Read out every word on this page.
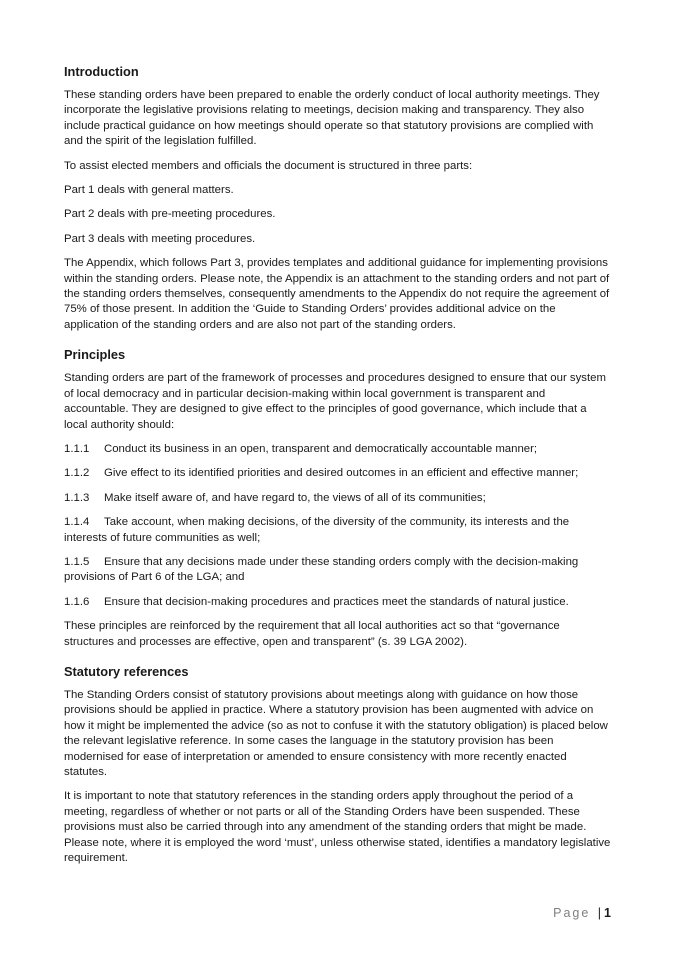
Introduction

These standing orders have been prepared to enable the orderly conduct of local authority meetings. They incorporate the legislative provisions relating to meetings, decision making and transparency. They also include practical guidance on how meetings should operate so that statutory provisions are complied with and the spirit of the legislation fulfilled.

To assist elected members and officials the document is structured in three parts:

Part 1 deals with general matters.

Part 2 deals with pre-meeting procedures.

Part 3 deals with meeting procedures.

The Appendix, which follows Part 3, provides templates and additional guidance for implementing provisions within the standing orders. Please note, the Appendix is an attachment to the standing orders and not part of the standing orders themselves, consequently amendments to the Appendix do not require the agreement of 75% of those present. In addition the ‘Guide to Standing Orders’ provides additional advice on the application of the standing orders and are also not part of the standing orders.

Principles

Standing orders are part of the framework of processes and procedures designed to ensure that our system of local democracy and in particular decision-making within local government is transparent and accountable. They are designed to give effect to the principles of good governance, which include that a local authority should:

1.1.1 Conduct its business in an open, transparent and democratically accountable manner;
1.1.2 Give effect to its identified priorities and desired outcomes in an efficient and effective manner;
1.1.3 Make itself aware of, and have regard to, the views of all of its communities;
1.1.4 Take account, when making decisions, of the diversity of the community, its interests and the interests of future communities as well;
1.1.5 Ensure that any decisions made under these standing orders comply with the decision-making provisions of Part 6 of the LGA; and
1.1.6 Ensure that decision-making procedures and practices meet the standards of natural justice.

These principles are reinforced by the requirement that all local authorities act so that “governance structures and processes are effective, open and transparent” (s. 39 LGA 2002).

Statutory references

The Standing Orders consist of statutory provisions about meetings along with guidance on how those provisions should be applied in practice. Where a statutory provision has been augmented with advice on how it might be implemented the advice (so as not to confuse it with the statutory obligation) is placed below the relevant legislative reference. In some cases the language in the statutory provision has been modernised for ease of interpretation or amended to ensure consistency with more recently enacted statutes.

It is important to note that statutory references in the standing orders apply throughout the period of a meeting, regardless of whether or not parts or all of the Standing Orders have been suspended. These provisions must also be carried through into any amendment of the standing orders that might be made. Please note, where it is employed the word ‘must’, unless otherwise stated, identifies a mandatory legislative requirement.

Page | 1
